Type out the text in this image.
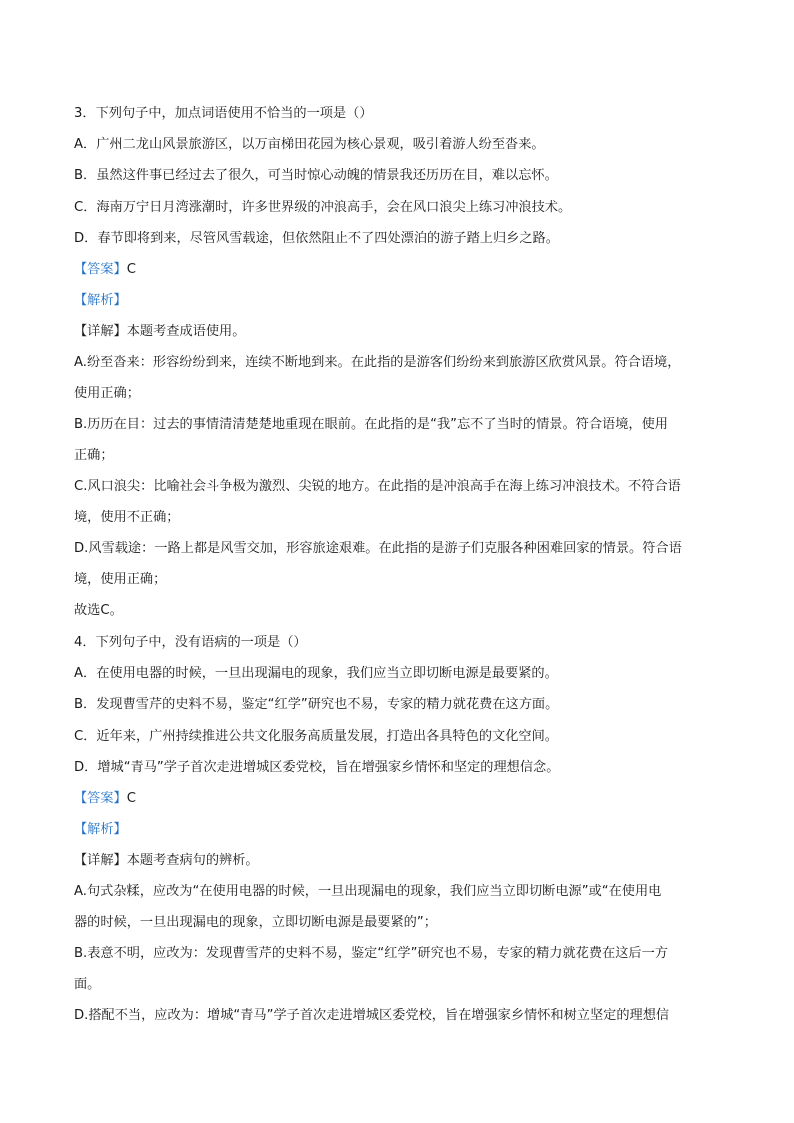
3．下列句子中，加点词语使用不恰当的一项是（）
A．广州二龙山风景旅游区，以万亩梯田花园为核心景观，吸引着游人纷至沓来。
B．虽然这件事已经过去了很久，可当时惊心动魄的情景我还历历在目，难以忘怀。
C．海南万宁日月湾涨潮时，许多世界级的冲浪高手，会在风口浪尖上练习冲浪技术。
D．春节即将到来，尽管风雪载途，但依然阻止不了四处漂泊的游子踏上归乡之路。
【答案】C
【解析】
【详解】本题考查成语使用。
A.纷至沓来：形容纷纷到来，连续不断地到来。在此指的是游客们纷纷来到旅游区欣赏风景。符合语境，
使用正确；
B.历历在目：过去的事情清清楚楚地重现在眼前。在此指的是“我”忘不了当时的情景。符合语境，使用
正确；
C.风口浪尖：比喻社会斗争极为激烈、尖锐的地方。在此指的是冲浪高手在海上练习冲浪技术。不符合语
境，使用不正确；
D.风雪载途：一路上都是风雪交加，形容旅途艰难。在此指的是游子们克服各种困难回家的情景。符合语
境，使用正确；
故选C。
4．下列句子中，没有语病的一项是（）
A．在使用电器的时候，一旦出现漏电的现象，我们应当立即切断电源是最要紧的。
B．发现曹雪芹的史料不易，鉴定“红学”研究也不易，专家的精力就花费在这方面。
C．近年来，广州持续推进公共文化服务高质量发展，打造出各具特色的文化空间。
D．增城“青马”学子首次走进增城区委党校，旨在增强家乡情怀和坚定的理想信念。
【答案】C
【解析】
【详解】本题考查病句的辨析。
A.句式杂糅，应改为“在使用电器的时候，一旦出现漏电的现象，我们应当立即切断电源”或“在使用电
器的时候，一旦出现漏电的现象，立即切断电源是最要紧的”；
B.表意不明，应改为：发现曹雪芹的史料不易，鉴定“红学”研究也不易，专家的精力就花费在这后一方
面。
D.搭配不当，应改为：增城“青马”学子首次走进增城区委党校，旨在增强家乡情怀和树立坚定的理想信
